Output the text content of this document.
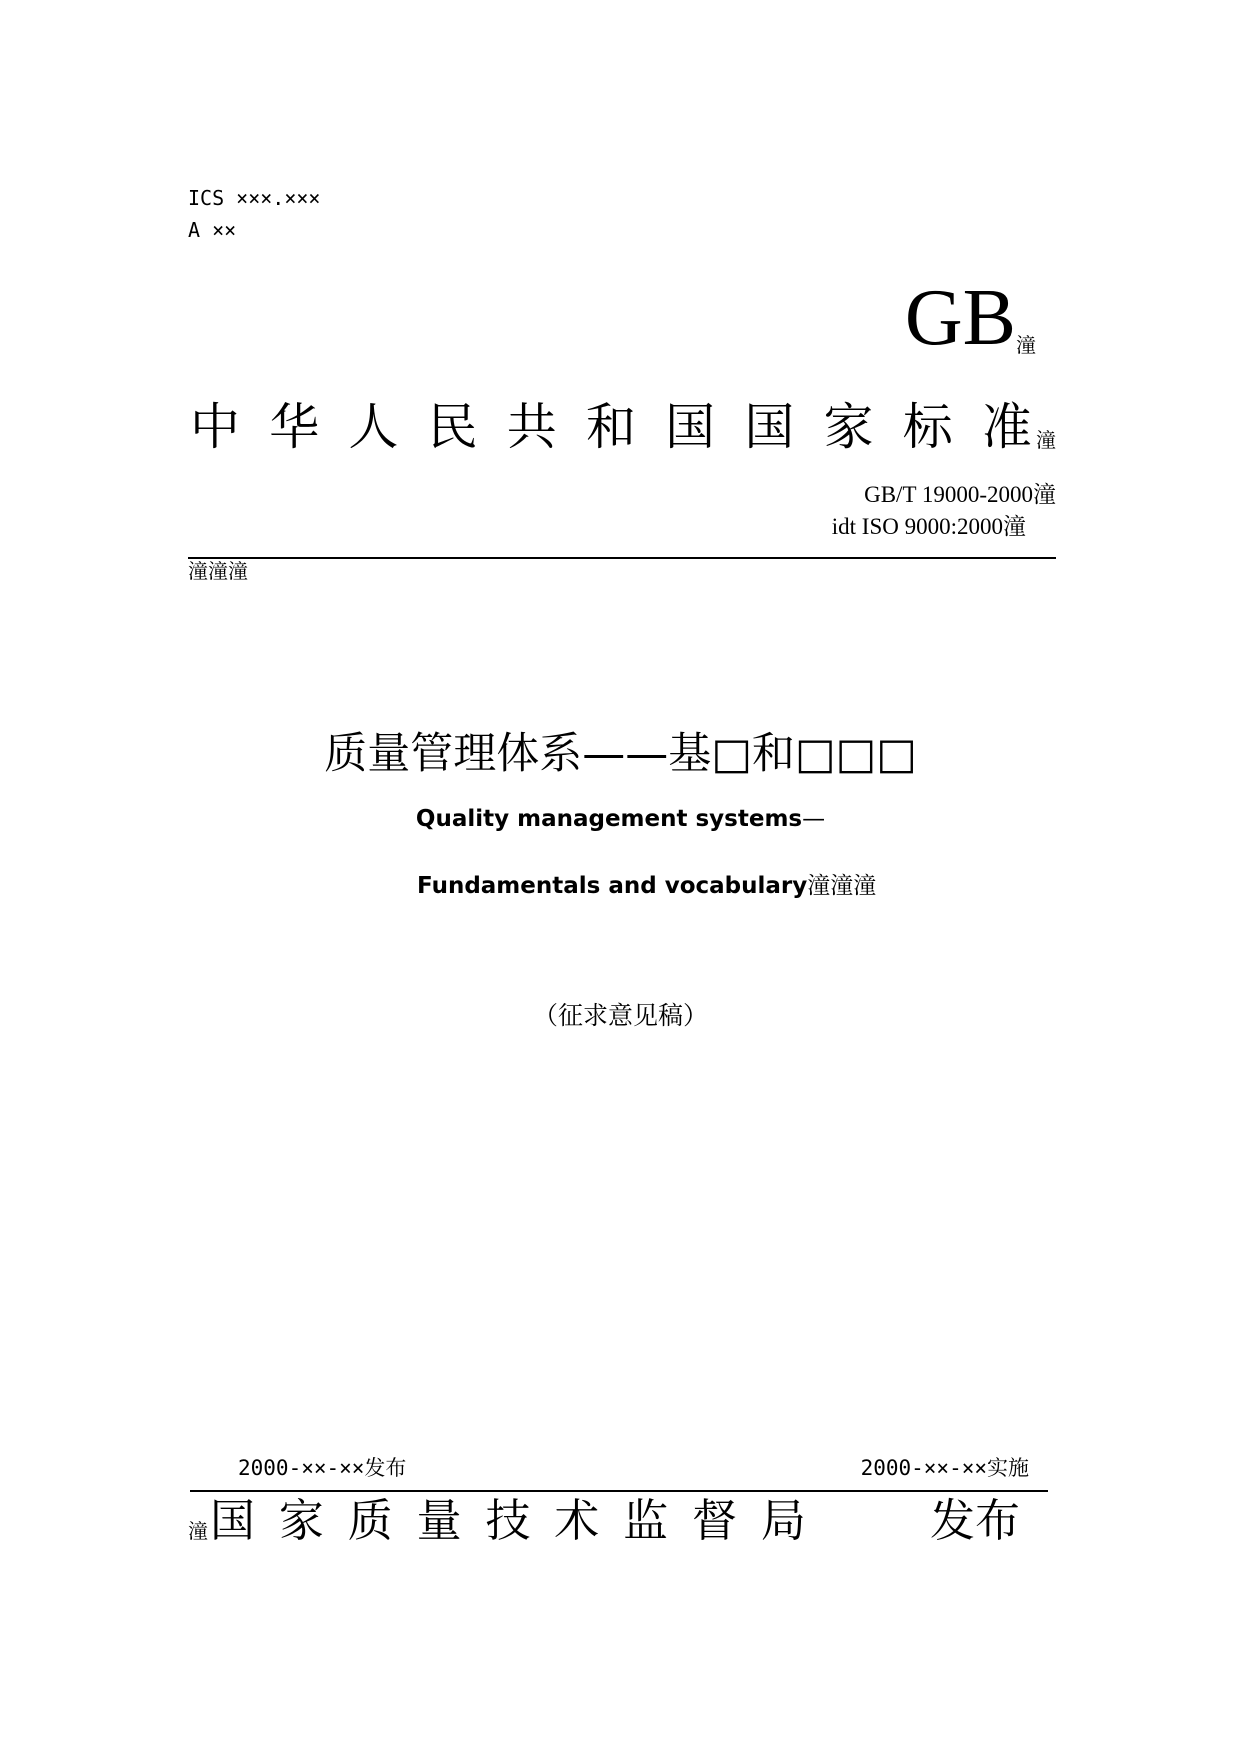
ICS ×××.×××
A ××
GB潼
中 华 人 民 共 和 国 国 家 标 准 潼
GB/T 19000-2000潼
idt ISO 9000:2000潼
潼潼潼
质量管理体系——基□和□□□
Quality management systems—
Fundamentals and vocabulary潼潼潼
（征求意见稿）
2000-××-××发布	2000-××-××实施
潼 国 家 质 量 技 术 监 督 局	发布
